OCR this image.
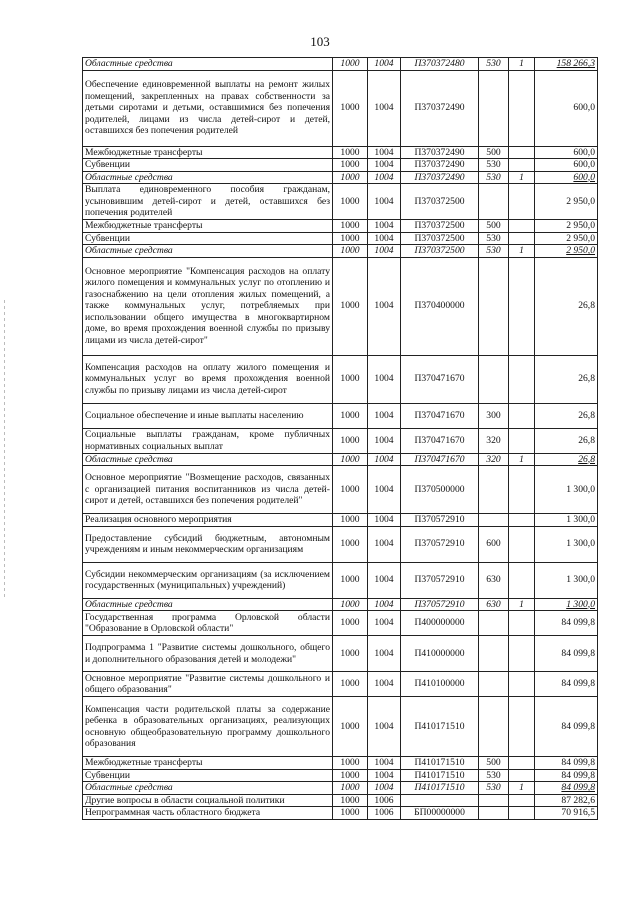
103
Областные средства	1000	1004	П370372480	530	1	158 266,3
Обеспечение единовременной выплаты на ремонт жилых помещений, закрепленных на правах собственности за детьми сиротами и детьми, оставшимися без попечения родителей, лицами из числа детей-сирот и детей, оставшихся без попечения родителей	1000	1004	П370372490			600,0
Межбюджетные трансферты	1000	1004	П370372490	500		600,0
Субвенции	1000	1004	П370372490	530		600,0
Областные средства	1000	1004	П370372490	530	1	600,0
Выплата единовременного пособия гражданам, усыновившим детей-сирот и детей, оставшихся без попечения родителей	1000	1004	П370372500			2 950,0
Межбюджетные трансферты	1000	1004	П370372500	500		2 950,0
Субвенции	1000	1004	П370372500	530		2 950,0
Областные средства	1000	1004	П370372500	530	1	2 950,0
Основное мероприятие "Компенсация расходов на оплату жилого помещения и коммунальных услуг по отоплению и газоснабжению на цели отопления жилых помещений, а также коммунальных услуг, потребляемых при использовании общего имущества в многоквартирном доме, во время прохождения военной службы по призыву лицами из числа детей-сирот"	1000	1004	П370400000			26,8
Компенсация расходов на оплату жилого помещения и коммунальных услуг во время прохождения военной службы по призыву лицами из числа детей-сирот	1000	1004	П370471670			26,8
Социальное обеспечение и иные выплаты населению	1000	1004	П370471670	300		26,8
Социальные выплаты гражданам, кроме публичных нормативных социальных выплат	1000	1004	П370471670	320		26,8
Областные средства	1000	1004	П370471670	320	1	26,8
Основное мероприятие "Возмещение расходов, связанных с организацией питания воспитанников из числа детей-сирот и детей, оставшихся без попечения родителей"	1000	1004	П370500000			1 300,0
Реализация основного мероприятия	1000	1004	П370572910			1 300,0
Предоставление субсидий бюджетным, автономным учреждениям и иным некоммерческим организациям	1000	1004	П370572910	600		1 300,0
Субсидии некоммерческим организациям (за исключением государственных (муниципальных) учреждений)	1000	1004	П370572910	630		1 300,0
Областные средства	1000	1004	П370572910	630	1	1 300,0
Государственная программа Орловской области "Образование в Орловской области"	1000	1004	П400000000			84 099,8
Подпрограмма 1 "Развитие системы дошкольного, общего и дополнительного образования детей и молодежи"	1000	1004	П410000000			84 099,8
Основное мероприятие "Развитие системы дошкольного и общего образования"	1000	1004	П410100000			84 099,8
Компенсация части родительской платы за содержание ребенка в образовательных организациях, реализующих основную общеобразовательную программу дошкольного образования	1000	1004	П410171510			84 099,8
Межбюджетные трансферты	1000	1004	П410171510	500		84 099,8
Субвенции	1000	1004	П410171510	530		84 099,8
Областные средства	1000	1004	П410171510	530	1	84 099,8
Другие вопросы в области социальной политики	1000	1006				87 282,6
Непрограммная часть областного бюджета	1000	1006	БП00000000			70 916,5
